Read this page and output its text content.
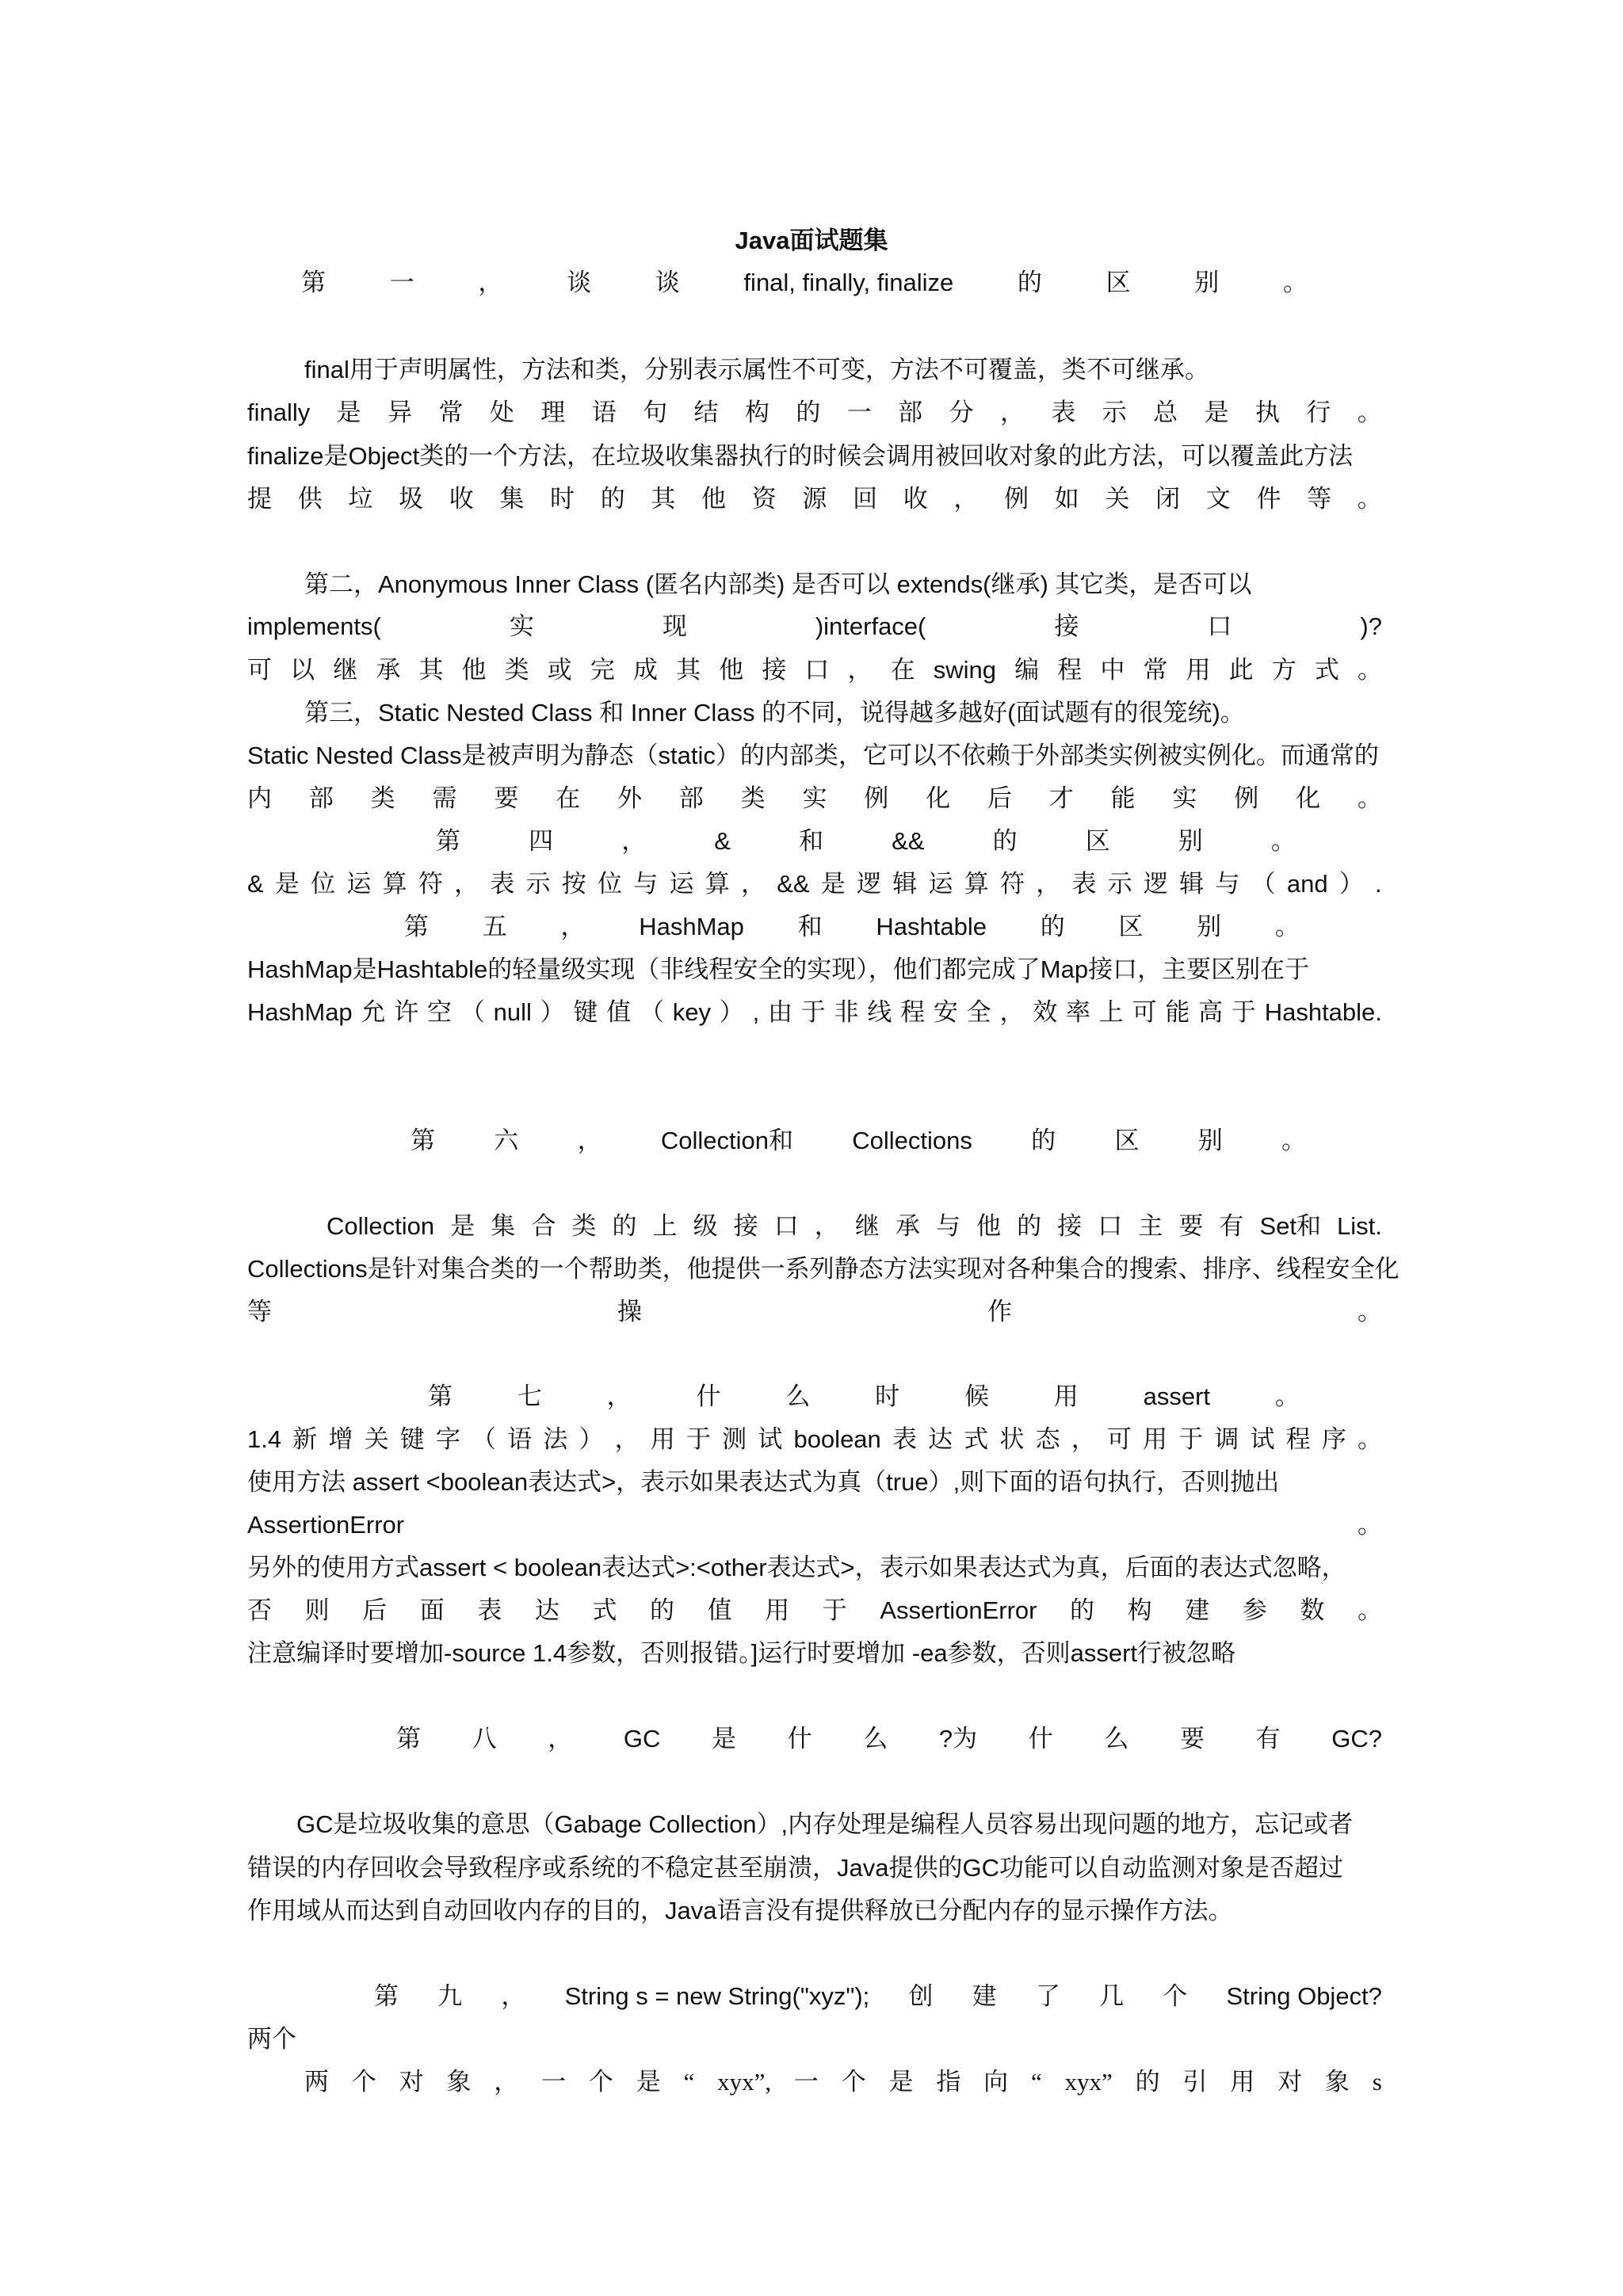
Java面试题集
第	一	，	谈	谈	final, finally, finalize	的	区	别	。
final用于声明属性，方法和类，分别表示属性不可变，方法不可覆盖，类不可继承。
finally 是 异 常 处 理 语 句 结 构 的 一 部 分 ， 表 示 总 是 执 行 。
finalize是Object类的一个方法，在垃圾收集器执行的时候会调用被回收对象的此方法，可以覆盖此方法
提 供 垃 圾 收 集 时 的 其 他 资 源 回 收 ， 例 如 关 闭 文 件 等 。
第二，Anonymous Inner Class (匿名内部类) 是否可以 extends(继承) 其它类，是否可以
implements(	实	现	)interface(	接	口	)?
可 以 继 承 其 他 类 或 完 成 其 他 接 口 ， 在 swing 编 程 中 常 用 此 方 式 。
第三，Static Nested Class 和 Inner Class 的不同，说得越多越好(面试题有的很笼统)。
Static Nested Class是被声明为静态（static）的内部类，它可以不依赖于外部类实例被实例化。而通常的
内 部 类 需 要 在 外 部 类 实 例 化 后 才 能 实 例 化 。
第	四	，	&	和	&&	的	区	别	。
& 是 位 运 算 符 ， 表 示 按 位 与 运 算 ， && 是 逻 辑 运 算 符 ， 表 示 逻 辑 与 （ and ） .
第 五 ， HashMap 和 Hashtable 的 区 别 。
HashMap是Hashtable的轻量级实现（非线程安全的实现），他们都完成了Map接口，主要区别在于
HashMap 允 许 空 （ null ） 键 值 （ key ） , 由 于 非 线 程 安 全 ， 效 率 上 可 能 高 于 Hashtable.
第 六 ， Collection和 Collections 的 区 别 。
Collection 是 集 合 类 的 上 级 接 口 ， 继 承 与 他 的 接 口 主 要 有 Set和 List.
Collections是针对集合类的一个帮助类，他提供一系列静态方法实现对各种集合的搜索、排序、线程安全化
等	操	作	。
第	七	，	什	么	时	候	用	assert	。
1.4 新 增 关 键 字 （ 语 法 ） ， 用 于 测 试 boolean 表 达 式 状 态 ， 可 用 于 调 试 程 序 。
使用方法 assert <boolean表达式>，表示如果表达式为真（true）,则下面的语句执行，否则抛出
AssertionError	。
另外的使用方式assert < boolean表达式>:<other表达式>，表示如果表达式为真，后面的表达式忽略，
否 则 后 面 表 达 式 的 值 用 于 AssertionError 的 构 建 参 数 。
注意编译时要增加-source 1.4参数，否则报错。]运行时要增加 -ea参数，否则assert行被忽略
第 八 ， GC 是 什 么 ?为 什 么 要 有 GC?
GC是垃圾收集的意思（Gabage Collection）,内存处理是编程人员容易出现问题的地方，忘记或者
错误的内存回收会导致程序或系统的不稳定甚至崩溃，Java提供的GC功能可以自动监测对象是否超过
作用域从而达到自动回收内存的目的，Java语言没有提供释放已分配内存的显示操作方法。
第 九 ， String s = new String("xyz"); 创 建 了 几 个 String Object?
两个
两 个 对 象 ， 一 个 是 “ xyx”, 一 个 是 指 向 “ xyx” 的 引 用 对 象 s
